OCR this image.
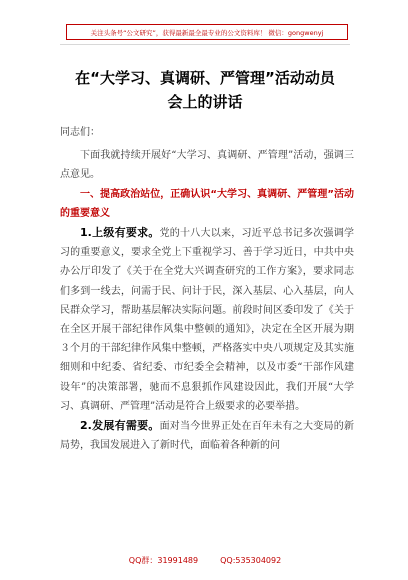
关注头条号“公文研究”，获得最新最全最专业的公文资料库！ 微信：gongwenyj
在“大学习、真调研、严管理”活动动员
会上的讲话

同志们：

下面我就持续开展好“大学习、真调研、严管理”活动，强调三点意见。

一、提高政治站位，正确认识“大学习、真调研、严管理”活动的重要意义

1.上级有要求。党的十八大以来，习近平总书记多次强调学习的重要意义，要求全党上下重视学习、善于学习近日，中共中央办公厅印发了《关于在全党大兴调查研究的工作方案》，要求同志们多到一线去，问需于民、问计于民，深入基层、心入基层，向人民群众学习，帮助基层解决实际问题。前段时间区委印发了《关于在全区开展干部纪律作风集中整顿的通知》，决定在全区开展为期３个月的干部纪律作风集中整顿，严格落实中央八项规定及其实施细则和中纪委、省纪委、市纪委全会精神，以及市委“干部作风建设年”的决策部署，驰而不息狠抓作风建设因此，我们开展“大学习、真调研、严管理”活动是符合上级要求的必要举措。

2.发展有需要。面对当今世界正处在百年未有之大变局的新局势，我国发展进入了新时代，面临着各种新的问

QQ群：31991489	QQ:535304092
